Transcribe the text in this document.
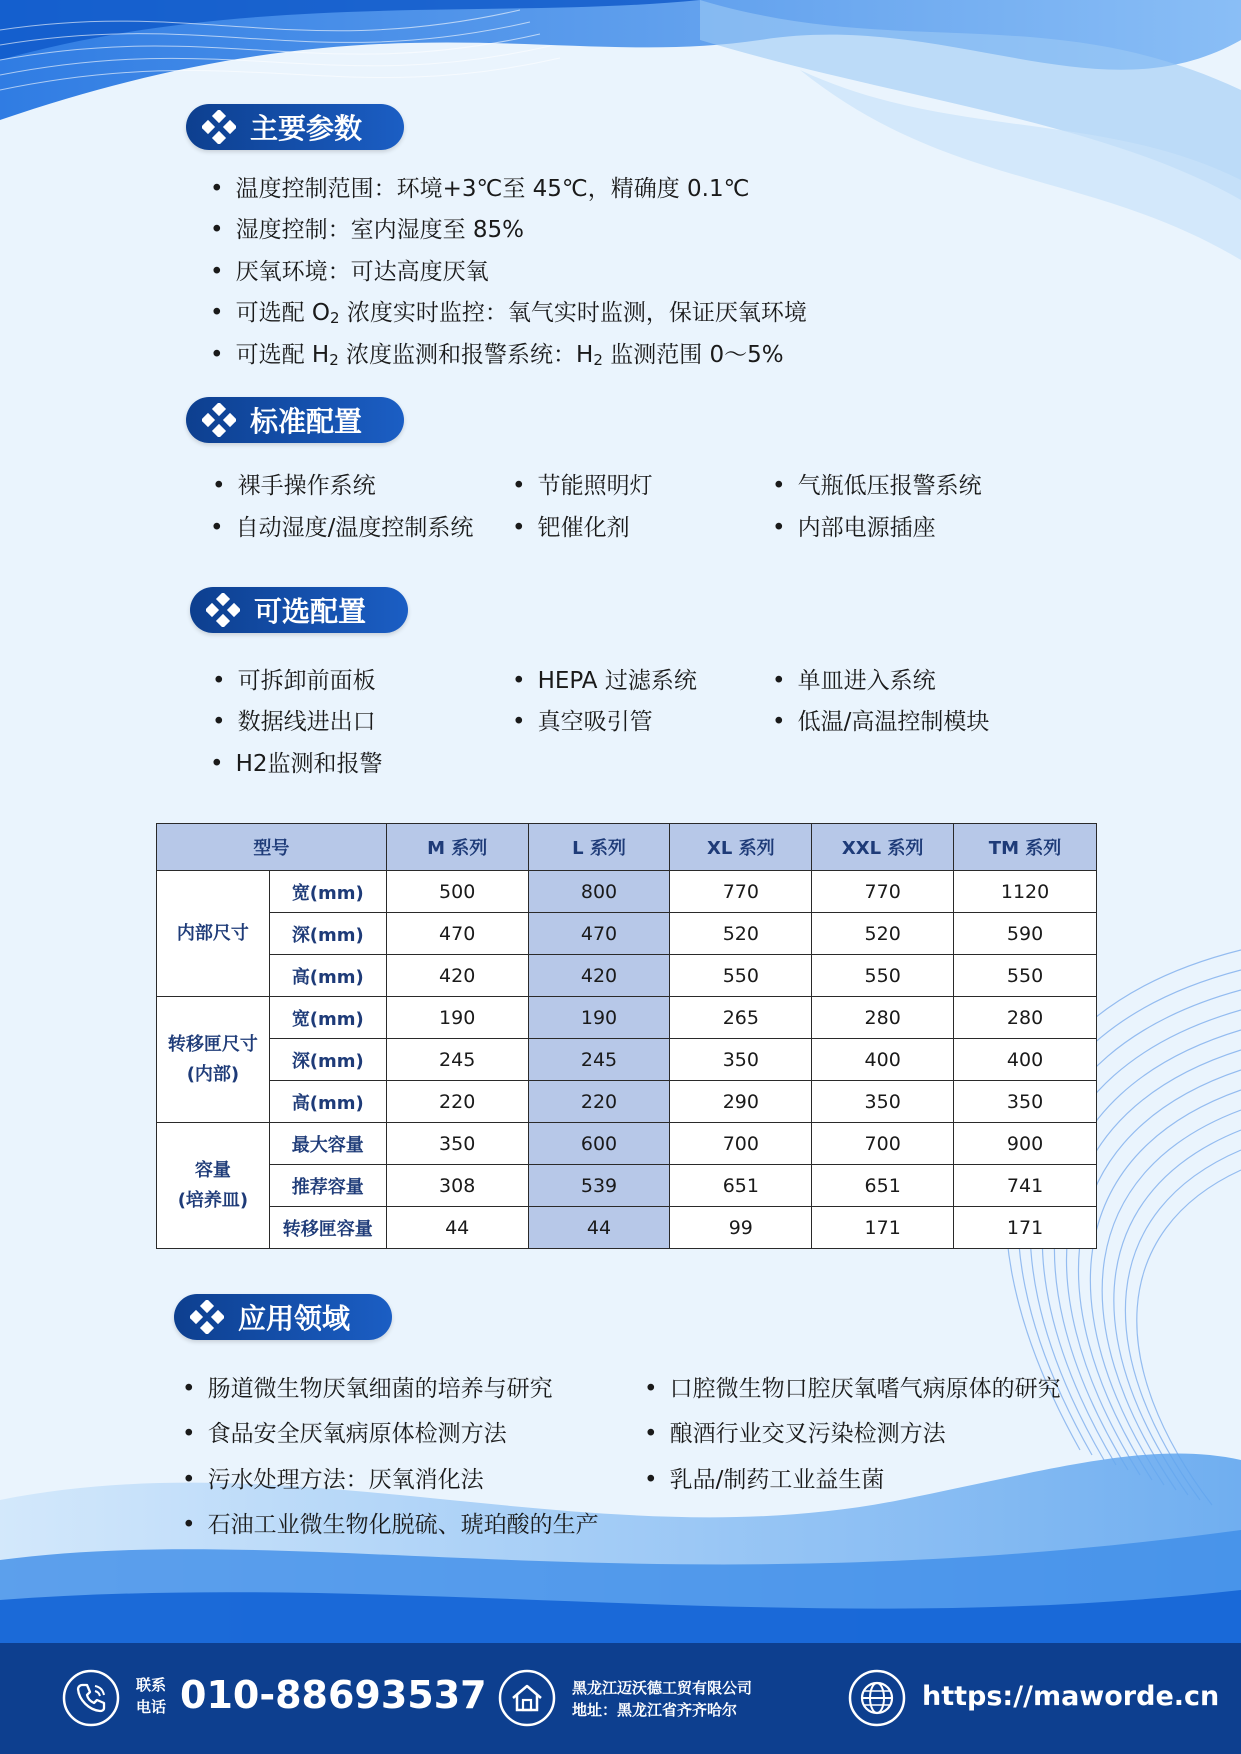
主要参数
• 温度控制范围：环境+3℃至 45℃，精确度 0.1℃
• 湿度控制：室内湿度至 85%
• 厌氧环境：可达高度厌氧
• 可选配 $O_2$ 浓度实时监控：氧气实时监测，保证厌氧环境
• 可选配 $H_2$ 浓度监测和报警系统：$H_2$ 监测范围 0～5%
标准配置
• 裸手操作系统	• 节能照明灯	• 气瓶低压报警系统
• 自动湿度/温度控制系统	• 钯催化剂	• 内部电源插座
可选配置
• 可拆卸前面板	• HEPA 过滤系统	• 单皿进入系统
• 数据线进出口	• 真空吸引管	• 低温/高温控制模块
• H2监测和报警
型号		M 系列	L 系列	XL 系列	XXL 系列	TM 系列
内部尺寸	宽(mm)	500	800	770	770	1120
	深(mm)	470	470	520	520	590
	高(mm)	420	420	550	550	550
转移匣尺寸
(内部)	宽(mm)	190	190	265	280	280
	深(mm)	245	245	350	400	400
	高(mm)	220	220	290	350	350
容量
(培养皿)	最大容量	350	600	700	700	900
	推荐容量	308	539	651	651	741
	转移匣容量	44	44	99	171	171
应用领域
• 肠道微生物厌氧细菌的培养与研究	• 口腔微生物口腔厌氧嗜气病原体的研究
• 食品安全厌氧病原体检测方法	• 酿酒行业交叉污染检测方法
• 污水处理方法：厌氧消化法	• 乳品/制药工业益生菌
• 石油工业微生物化脱硫、琥珀酸的生产
联系
电话 010-88693537	黑龙江迈沃德工贸有限公司
地址：黑龙江省齐齐哈尔	https://maworde.cn
